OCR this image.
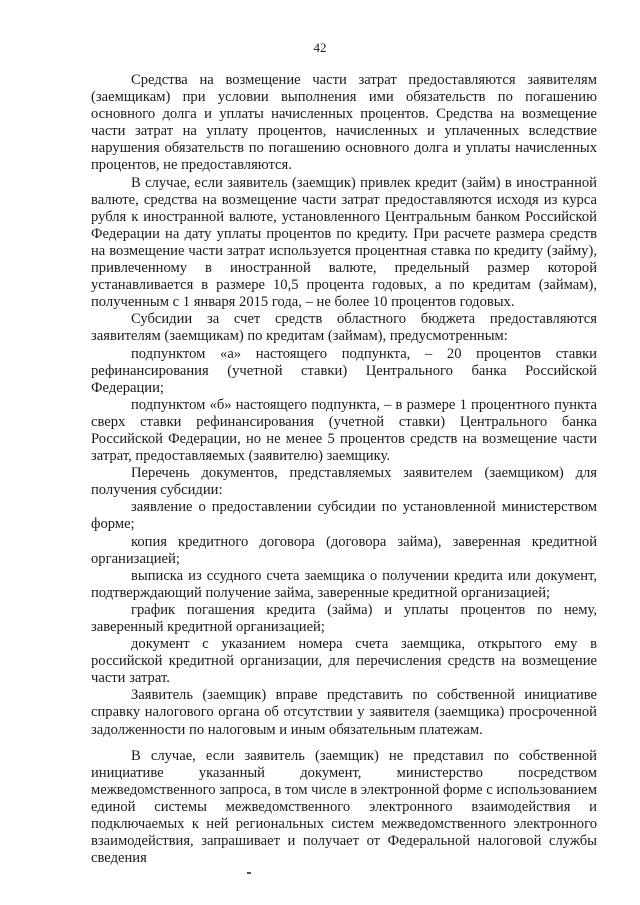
42

Средства на возмещение части затрат предоставляются заявителям (заемщикам) при условии выполнения ими обязательств по погашению основного долга и уплаты начисленных процентов. Средства на возмещение части затрат на уплату процентов, начисленных и уплаченных вследствие нарушения обязательств по погашению основного долга и уплаты начисленных процентов, не предоставляются.

В случае, если заявитель (заемщик) привлек кредит (займ) в иностранной валюте, средства на возмещение части затрат предоставляются исходя из курса рубля к иностранной валюте, установленного Центральным банком Российской Федерации на дату уплаты процентов по кредиту. При расчете размера средств на возмещение части затрат используется процентная ставка по кредиту (займу), привлеченному в иностранной валюте, предельный размер которой устанавливается в размере 10,5 процента годовых, а по кредитам (займам), полученным с 1 января 2015 года, – не более 10 процентов годовых.

Субсидии за счет средств областного бюджета предоставляются заявителям (заемщикам) по кредитам (займам), предусмотренным:

подпунктом «а» настоящего подпункта, – 20 процентов ставки рефинансирования (учетной ставки) Центрального банка Российской Федерации;

подпунктом «б» настоящего подпункта, – в размере 1 процентного пункта сверх ставки рефинансирования (учетной ставки) Центрального банка Российской Федерации, но не менее 5 процентов средств на возмещение части затрат, предоставляемых (заявителю) заемщику.

Перечень документов, представляемых заявителем (заемщиком) для получения субсидии:

заявление о предоставлении субсидии по установленной министерством форме;

копия кредитного договора (договора займа), заверенная кредитной организацией;

выписка из ссудного счета заемщика о получении кредита или документ, подтверждающий получение займа, заверенные кредитной организацией;

график погашения кредита (займа) и уплаты процентов по нему, заверенный кредитной организацией;

документ с указанием номера счета заемщика, открытого ему в российской кредитной организации, для перечисления средств на возмещение части затрат.

Заявитель (заемщик) вправе представить по собственной инициативе справку налогового органа об отсутствии у заявителя (заемщика) просроченной задолженности по налоговым и иным обязательным платежам.

В случае, если заявитель (заемщик) не представил по собственной инициативе указанный документ, министерство посредством межведомственного запроса, в том числе в электронной форме с использованием единой системы межведомственного электронного взаимодействия и подключаемых к ней региональных систем межведомственного электронного взаимодействия, запрашивает и получает от Федеральной налоговой службы сведения
